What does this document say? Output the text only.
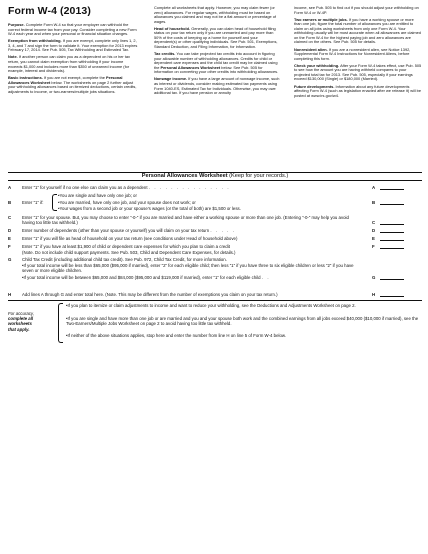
Form W-4 (2013)

Purpose. Complete Form W-4 so that your employer can withhold the correct federal income tax from your pay. Consider completing a new Form W-4 each year and when your personal or financial situation changes.

Exemption from withholding. If you are exempt, complete only lines 1, 2, 3, 4, and 7 and sign the form to validate it. Your exemption for 2013 expires February 17, 2014. See Pub. 505, Tax Withholding and Estimated Tax.

Note. If another person can claim you as a dependent on his or her tax return, you cannot claim exemption from withholding if your income exceeds $1,000 and includes more than $350 of unearned income (for example, interest and dividends).

Basic instructions. If you are not exempt, complete the Personal Allowances Worksheet below. The worksheets on page 2 further adjust your withholding allowances based on itemized deductions, certain credits, adjustments to income, or two-earners/multiple jobs situations.

Complete all worksheets that apply. However, you may claim fewer (or zero) allowances. For regular wages, withholding must be based on allowances you claimed and may not be a flat amount or percentage of wages.

Head of household. Generally, you can claim head of household filing status on your tax return only if you are unmarried and pay more than 50% of the costs of keeping up a home for yourself and your dependent(s) or other qualifying individuals. See Pub. 501, Exemptions, Standard Deduction, and Filing Information, for information.

Tax credits. You can take projected tax credits into account in figuring your allowable number of withholding allowances. Credits for child or dependent care expenses and the child tax credit may be claimed using the Personal Allowances Worksheet below. See Pub. 505 for information on converting your other credits into withholding allowances.

Nonwage income. If you have a large amount of nonwage income, such as interest or dividends, consider making estimated tax payments using Form 1040-ES, Estimated Tax for Individuals. Otherwise, you may owe additional tax. If you have pension or annuity

income, see Pub. 505 to find out if you should adjust your withholding on Form W-4 or W-4P.

Two earners or multiple jobs. If you have a working spouse or more than one job, figure the total number of allowances you are entitled to claim on all jobs using worksheets from only one Form W-4. Your withholding usually will be most accurate when all allowances are claimed on the Form W-4 for the highest paying job and zero allowances are claimed on the others. See Pub. 505 for details.

Nonresident alien. If you are a nonresident alien, see Notice 1392, Supplemental Form W-4 Instructions for Nonresident Aliens, before completing this form.

Check your withholding. After your Form W-4 takes effect, use Pub. 505 to see how the amount you are having withheld compares to your projected total tax for 2013. See Pub. 505, especially if your earnings exceed $130,000 (Single) or $180,000 (Married).

Future developments. Information about any future developments affecting Form W-4 (such as legislation enacted after we release it) will be posted at www.irs.gov/w4.

Personal Allowances Worksheet (Keep for your records.)
A Enter “1” for yourself if no one else can claim you as a dependent . . . . . . . . . . . . . . .	A
B Enter “1” if:
• You are single and have only one job; or
• You are married, have only one job, and your spouse does not work; or
• Your wages from a second job or your spouse’s wages (or the total of both) are $1,500 or less.
B
C Enter “1” for your spouse. But, you may choose to enter “-0-” if you are married and have either a working spouse or more than one job. (Entering “-0-” may help you avoid having too little tax withheld.)	C
D Enter number of dependents (other than your spouse or yourself) you will claim on your tax return . . . . .	D
E	Enter “1” if you will file as head of household on your tax return (see conditions under Head of household above)	E
F	Enter “1” if you have at least $1,900 of child or dependent care expenses for which you plan to claim a credit
(Note. Do not include child support payments. See Pub. 503, Child and Dependent Care Expenses, for details.)
F
G Child Tax Credit (including additional child tax credit). See Pub. 972, Child Tax Credit, for more information.
• If your total income will be less than $65,000 ($95,000 if married), enter “2” for each eligible child; then less “1” if you have three to six eligible children or less “2” if you have seven or more eligible children.
• If your total income will be between $65,000 and $84,000 ($95,000 and $119,000 if married), enter “1” for each eligible child . .	G
H Add lines A through G and enter total here. (Note. This may be different from the number of exemptions you claim on your tax return.)	H
For accuracy,
complete all
worksheets
that apply.
• If you plan to itemize or claim adjustments to income and want to reduce your withholding, see the Deductions and Adjustments Worksheet on page 2.
• If you are single and have more than one job or are married and you and your spouse both work and the combined earnings from all jobs exceed $40,000 ($10,000 if married), see the Two-Earners/Multiple Jobs Worksheet on page 2 to avoid having too little tax withheld.
• If neither of the above situations applies, stop here and enter the number from line H on line 5 of Form W-4 below.
